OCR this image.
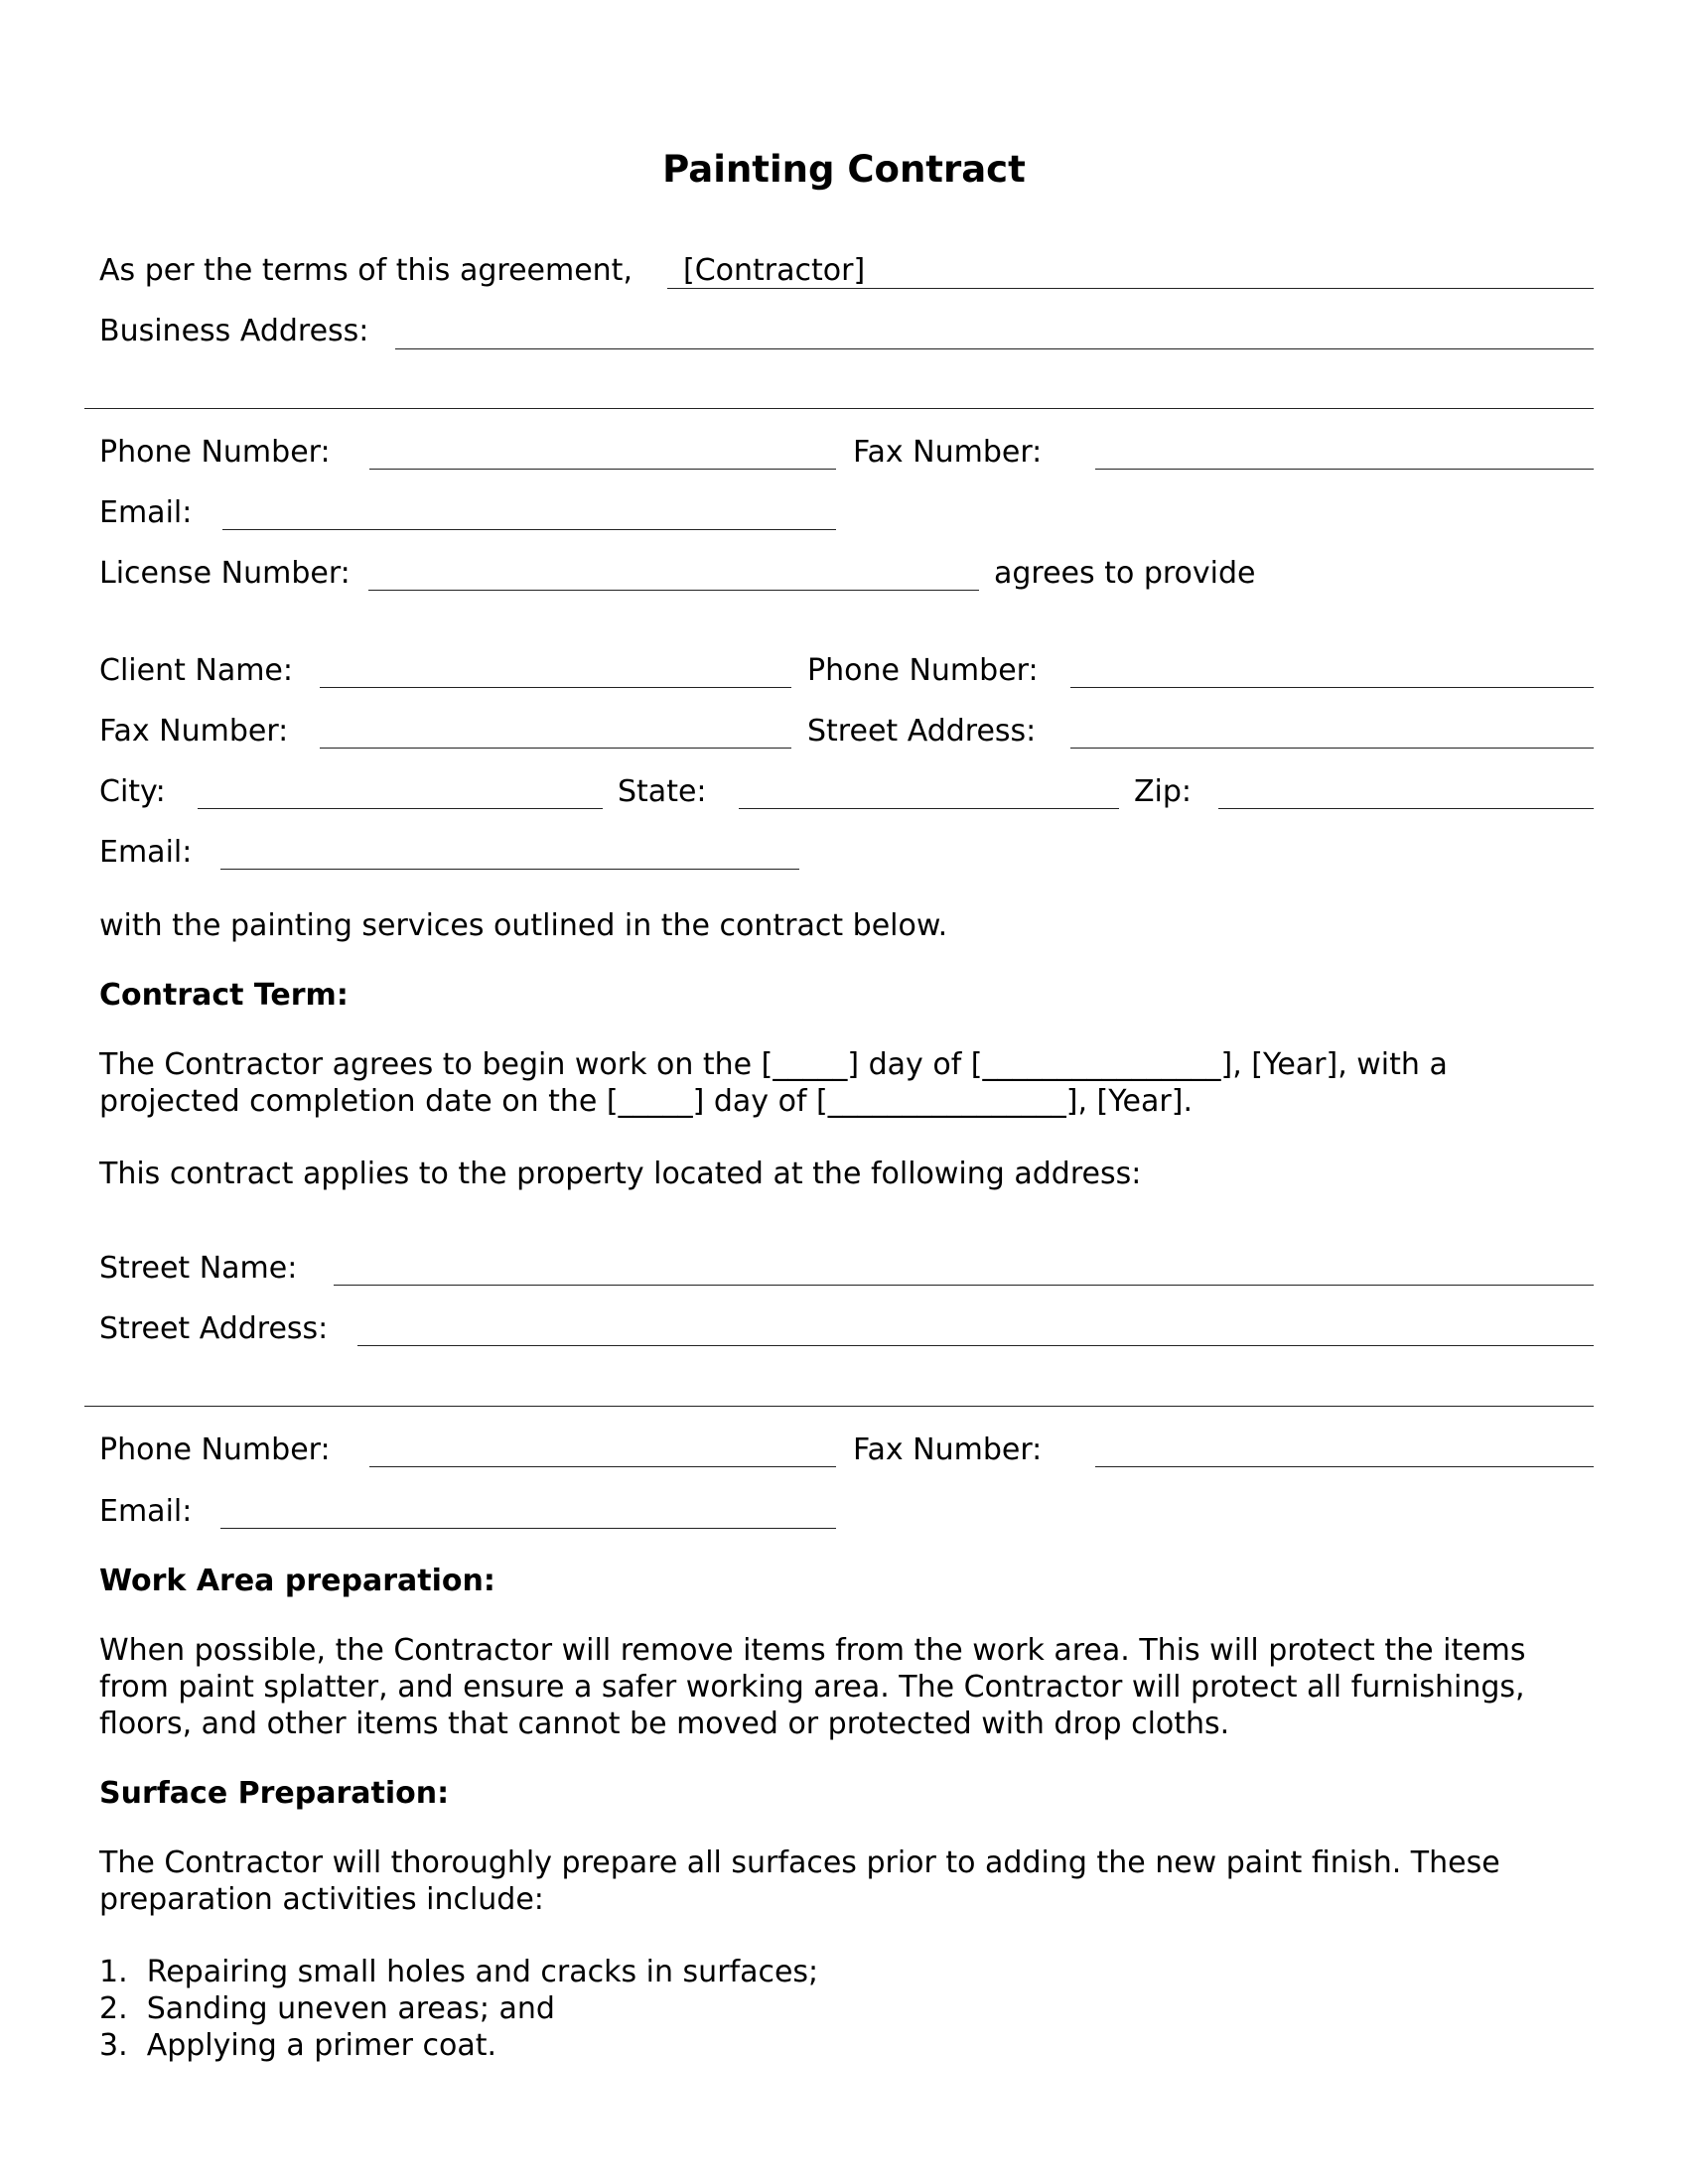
Painting Contract
As per the terms of this agreement, [Contractor]
Business Address:
Phone Number:	Fax Number:
Email:
License Number:	agrees to provide
Client Name:	Phone Number:
Fax Number:	Street Address:
City:	State:	Zip:
Email:
with the painting services outlined in the contract below.
Contract Term:
The Contractor agrees to begin work on the [_____] day of [________________], [Year], with a
projected completion date on the [_____] day of [________________], [Year].
This contract applies to the property located at the following address:
Street Name:
Street Address:
Phone Number:	Fax Number:
Email:
Work Area preparation:
When possible, the Contractor will remove items from the work area. This will protect the items
from paint splatter, and ensure a safer working area. The Contractor will protect all furnishings,
floors, and other items that cannot be moved or protected with drop cloths.
Surface Preparation:
The Contractor will thoroughly prepare all surfaces prior to adding the new paint finish. These
preparation activities include:
1.  Repairing small holes and cracks in surfaces;
2.  Sanding uneven areas; and
3.  Applying a primer coat.
